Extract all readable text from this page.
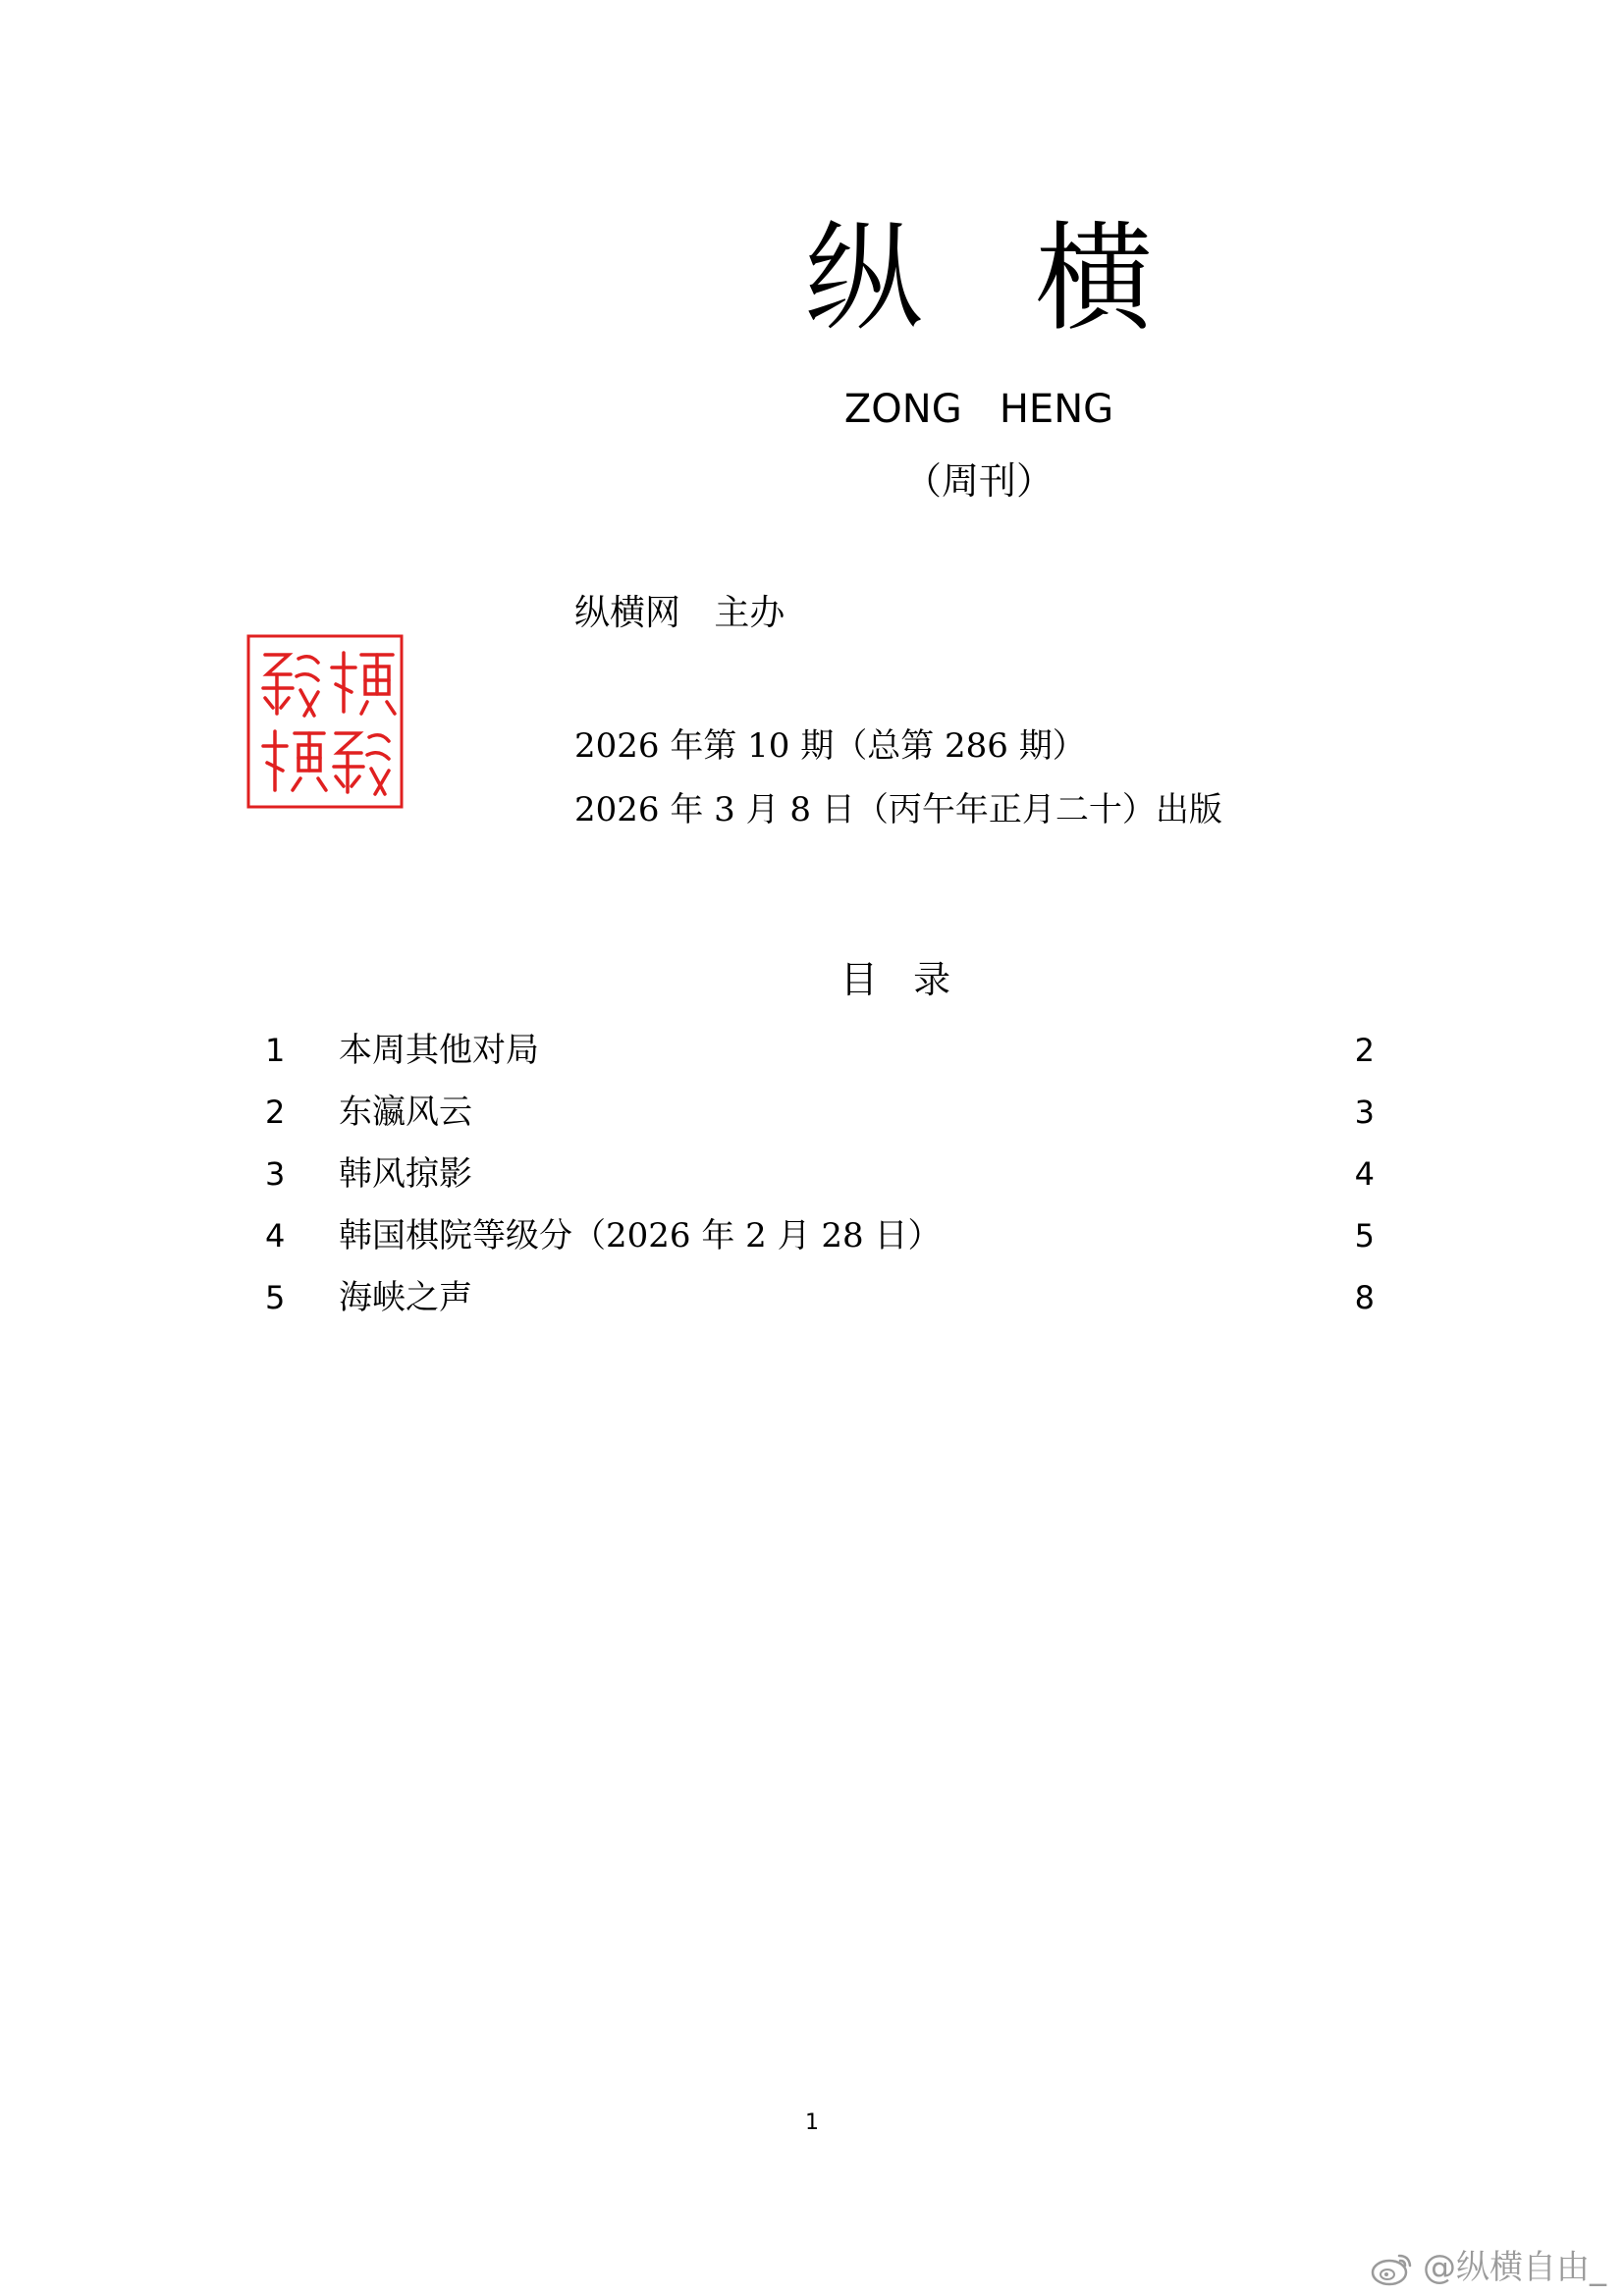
纵   横
ZONG   HENG
（周刊）
纵横网   主办
2026 年第 10 期（总第 286 期）
2026 年 3 月 8 日（丙午年正月二十）出版
目   录
1 本周其他对局	2
2 东瀛风云	3
3 韩风掠影	4
4 韩国棋院等级分（2026 年 2 月 28 日）	5
5 海峡之声	8
1
@纵横自由_
